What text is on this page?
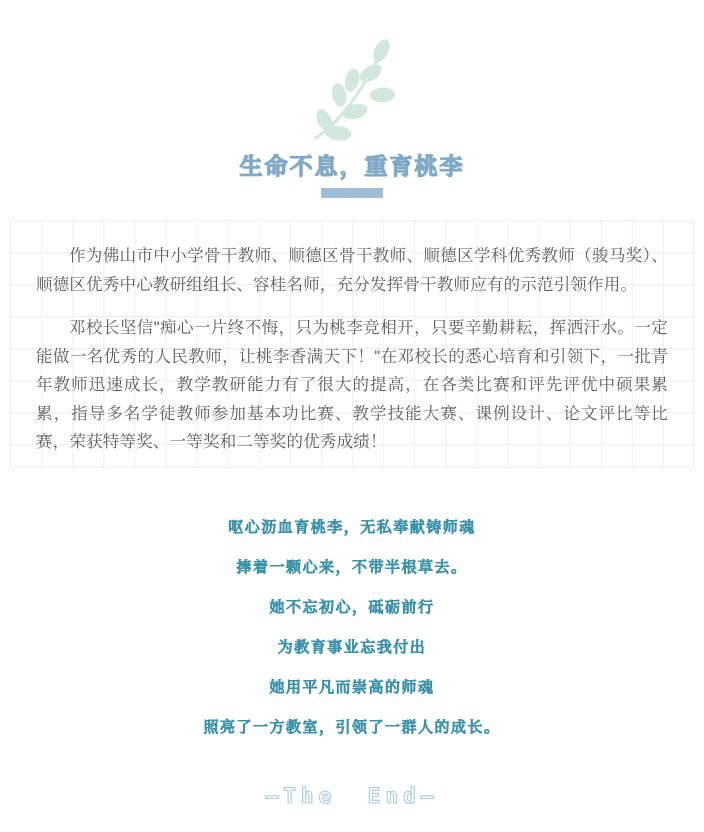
生命不息，重育桃李

作为佛山市中小学骨干教师、顺德区骨干教师、顺德区学科优秀教师（骏马奖）、顺德区优秀中心教研组组长、容桂名师，充分发挥骨干教师应有的示范引领作用。

邓校长坚信"痴心一片终不悔，只为桃李竞相开，只要辛勤耕耘，挥洒汗水。一定能做一名优秀的人民教师，让桃李香满天下！"在邓校长的悉心培育和引领下，一批青年教师迅速成长，教学教研能力有了很大的提高，在各类比赛和评先评优中硕果累累，指导多名学徒教师参加基本功比赛、教学技能大赛、课例设计、论文评比等比赛，荣获特等奖、一等奖和二等奖的优秀成绩！

呕心沥血育桃李，无私奉献铸师魂

捧着一颗心来，不带半根草去。

她不忘初心，砥砺前行

为教育事业忘我付出

她用平凡而崇高的师魂

照亮了一方教室，引领了一群人的成长。

—The End—
